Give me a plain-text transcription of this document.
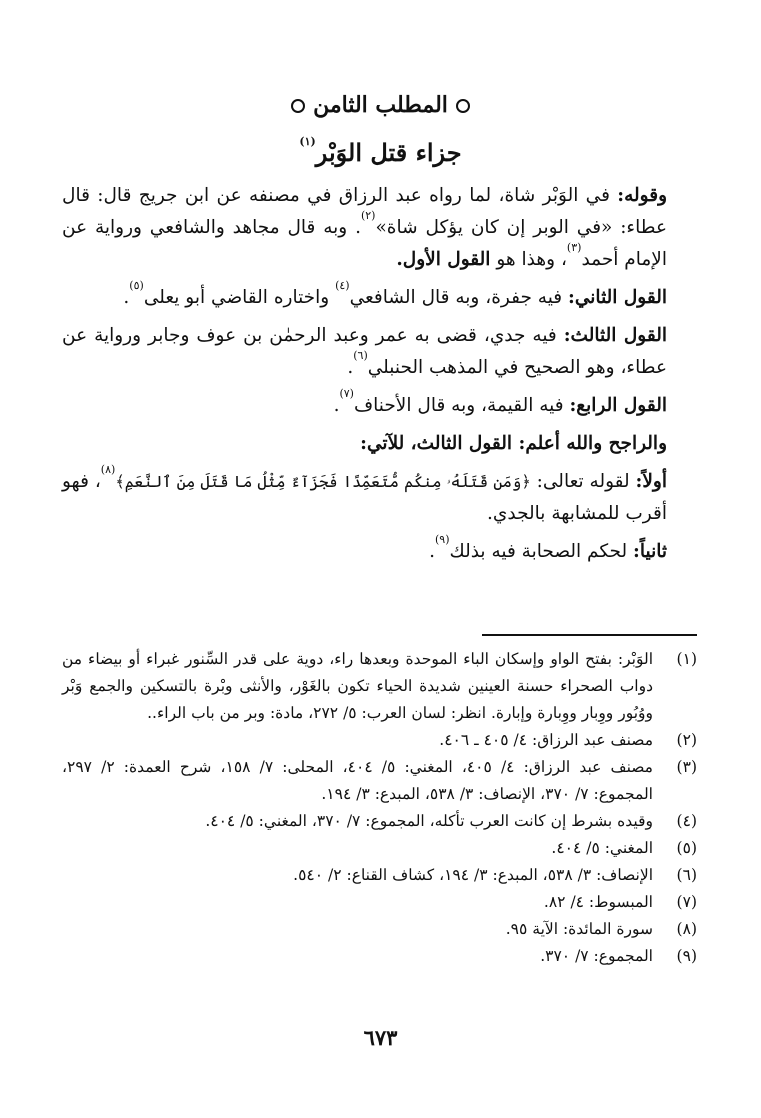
المطلب الثامن
جزاء قتل الوَبْر$^{(١)}$

وقوله: في الوَبْر شاة، لما رواه عبد الرزاق في مصنفه عن ابن جريج قال: قال عطاء: «في الوبر إن كان يؤكل شاة»$^{(٢)}$. وبه قال مجاهد والشافعي ورواية عن الإمام أحمد$^{(٣)}$، وهذا هو القول الأول.

القول الثاني: فيه جفرة، وبه قال الشافعي$^{(٤)}$ واختاره القاضي أبو يعلى$^{(٥)}$.

القول الثالث: فيه جدي، قضى به عمر وعبد الرحمٰن بن عوف وجابر ورواية عن عطاء، وهو الصحيح في المذهب الحنبلي$^{(٦)}$.

القول الرابع: فيه القيمة، وبه قال الأحناف$^{(٧)}$.

والراجح والله أعلم: القول الثالث، للآتي:

أولاً: لقوله تعالى: ﴿وَمَن قَتَلَهُۥ مِنكُم مُّتَعَمِّدًا فَجَزَآءٌ مِّثْلُ مَا قَتَلَ مِنَ ٱلنَّعَمِ﴾$^{(٨)}$، فهو أقرب للمشابهة بالجدي.

ثانياً: لحكم الصحابة فيه بذلك$^{(٩)}$.

(١)
الوَبْر: بفتح الواو وإسكان الباء الموحدة وبعدها راء، دوية على قدر السِّنور غبراء أو بيضاء من دواب الصحراء حسنة العينين شديدة الحياء تكون بالغَوْر، والأنثى وبْرة بالتسكين والجمع وَبْر ووُبُور ووِبار ووِبارة وإبارة. انظر: لسان العرب: ٥/ ٢٧٢، مادة: وبر من باب الراء..
(٢)
مصنف عبد الرزاق: ٤/ ٤٠٥ ـ ٤٠٦.
(٣)
مصنف عبد الرزاق: ٤/ ٤٠٥، المغني: ٥/ ٤٠٤، المحلى: ٧/ ١٥٨، شرح العمدة: ٢/ ٢٩٧، المجموع: ٧/ ٣٧٠، الإنصاف: ٣/ ٥٣٨، المبدع: ٣/ ١٩٤.
(٤)
وقيده بشرط إن كانت العرب تأكله، المجموع: ٧/ ٣٧٠، المغني: ٥/ ٤٠٤.
(٥)
المغني: ٥/ ٤٠٤.
(٦)
الإنصاف: ٣/ ٥٣٨، المبدع: ٣/ ١٩٤، كشاف القناع: ٢/ ٥٤٠.
(٧)
المبسوط: ٤/ ٨٢.
(٨)
سورة المائدة: الآية ٩٥.
(٩)
المجموع: ٧/ ٣٧٠.
٦٧٣
